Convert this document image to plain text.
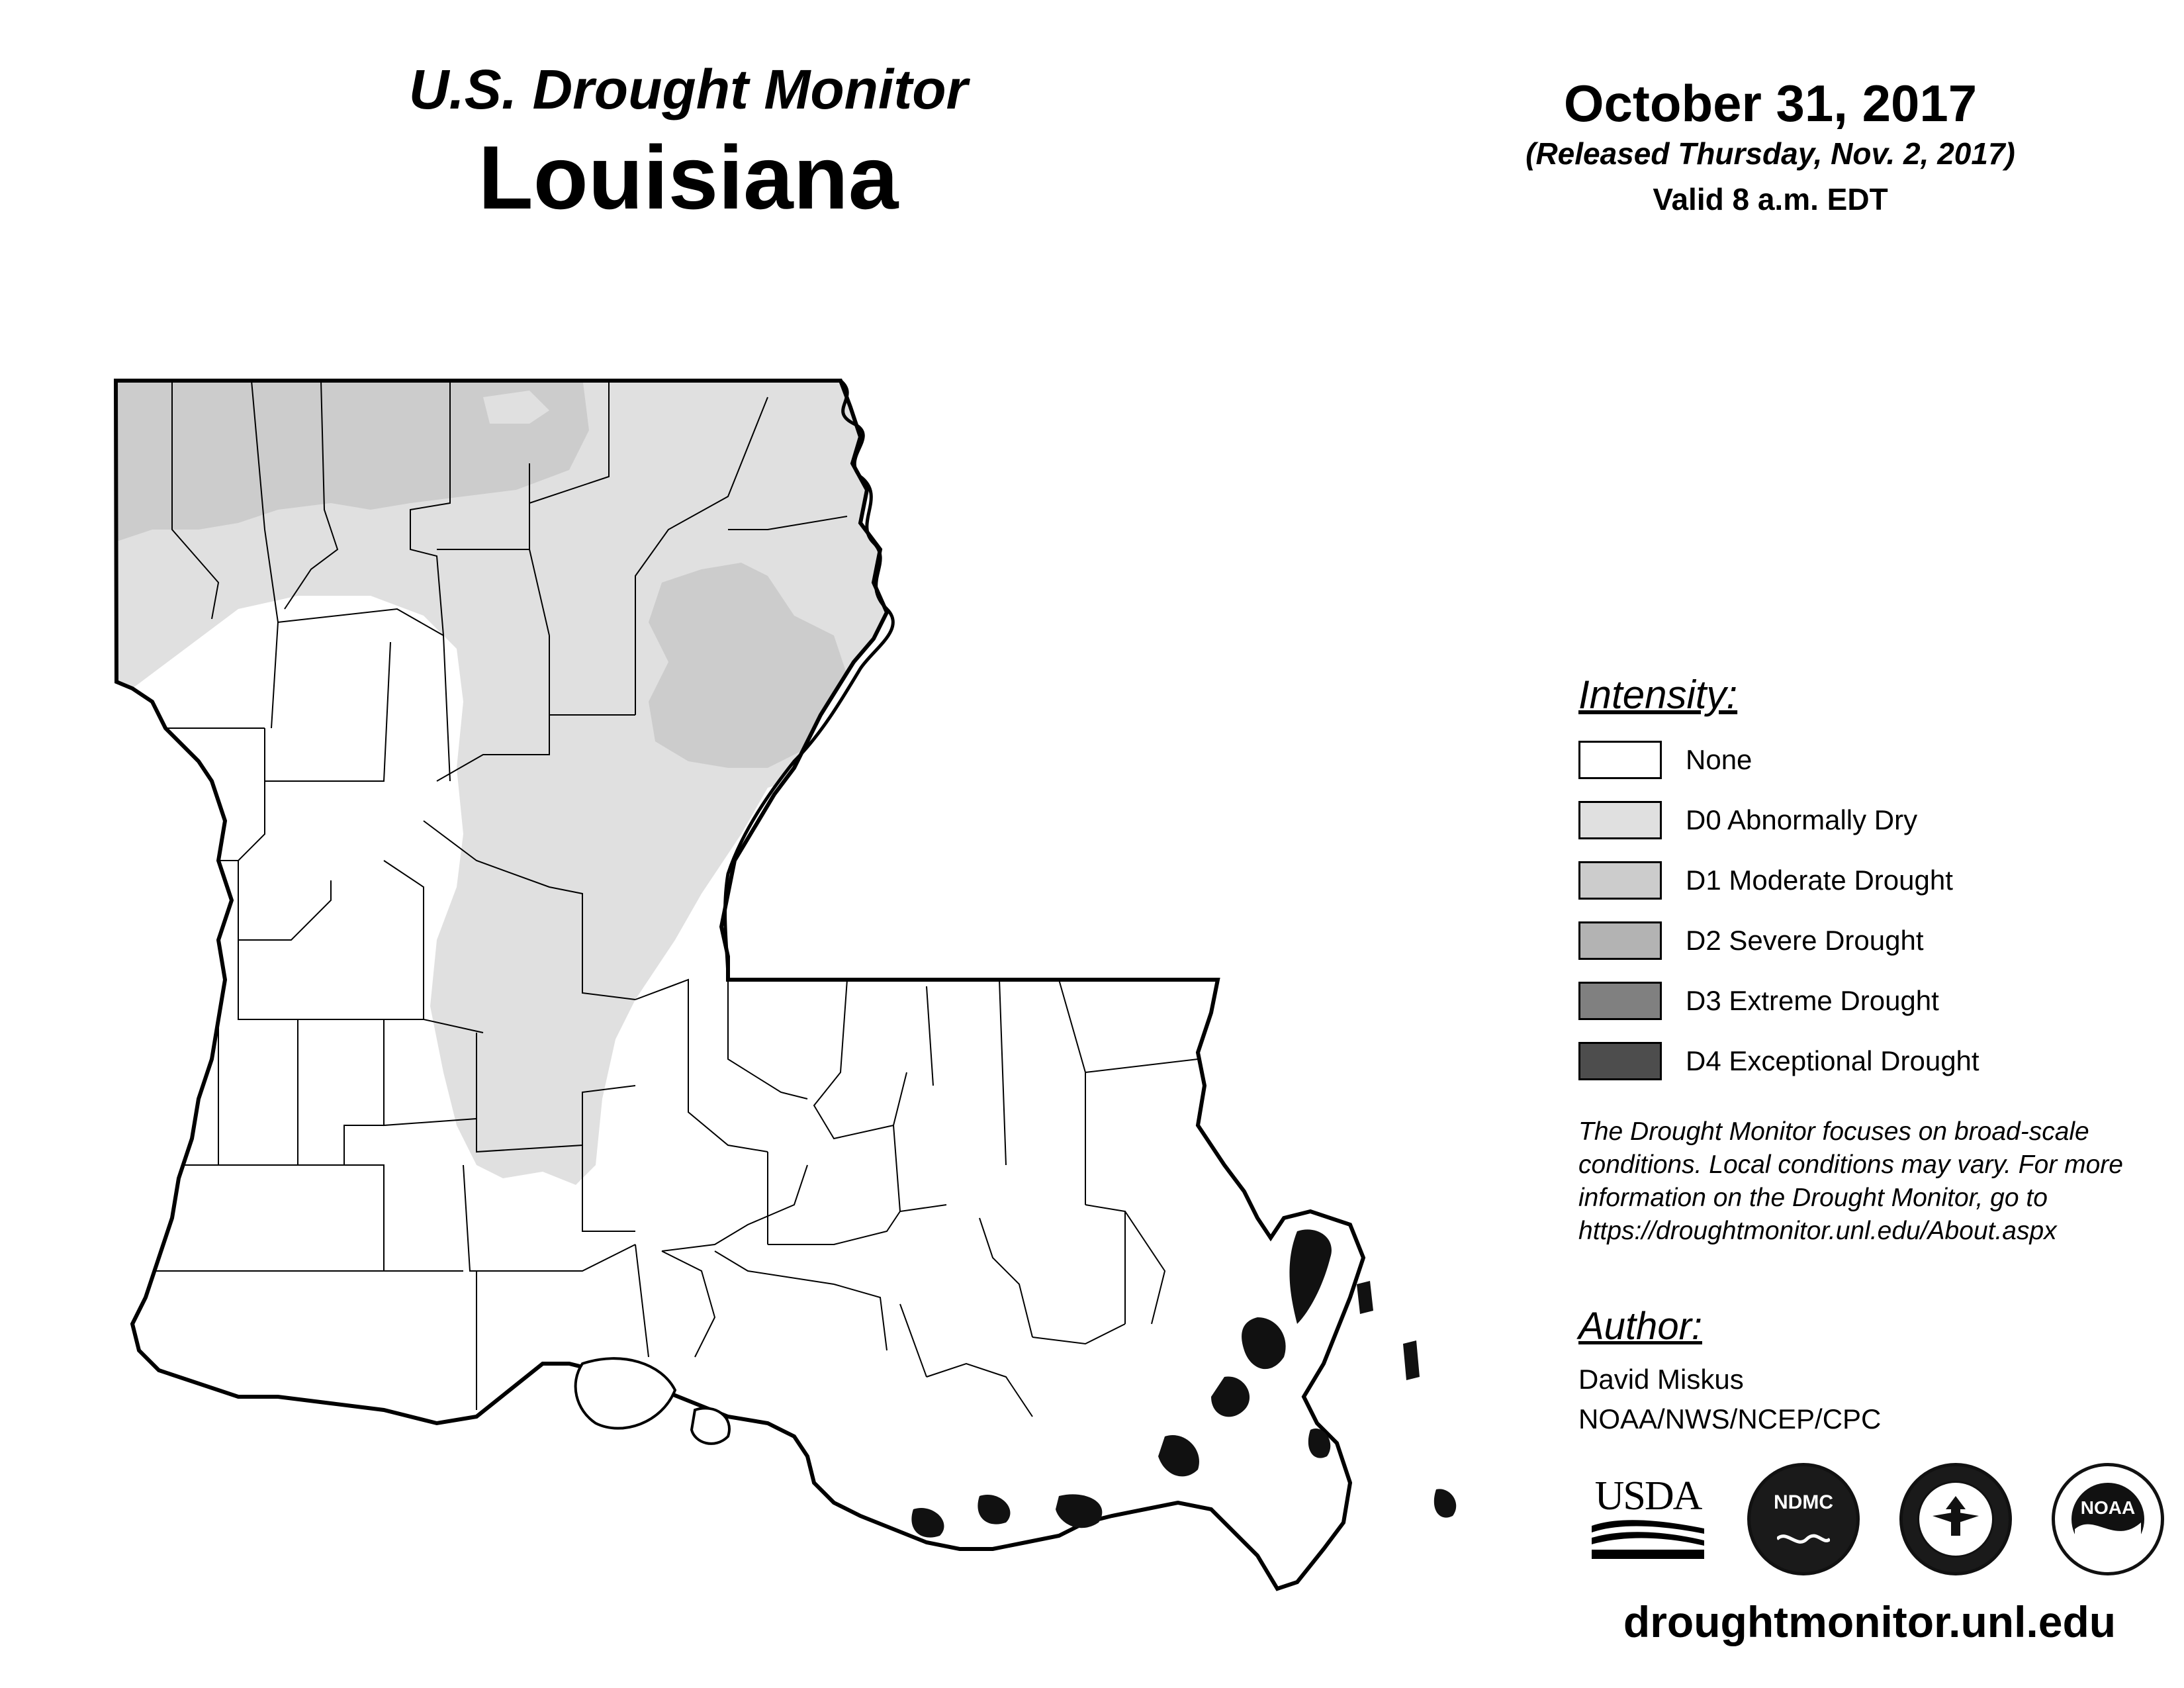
U.S. Drought Monitor
Louisiana
October 31, 2017
(Released Thursday, Nov. 2, 2017)
Valid 8 a.m. EDT
Intensity:
None
D0 Abnormally Dry
D1 Moderate Drought
D2 Severe Drought
D3 Extreme Drought
D4 Exceptional Drought
The Drought Monitor focuses on broad-scale conditions. Local conditions may vary. For more information on the Drought Monitor, go to https://droughtmonitor.unl.edu/About.aspx
Author:
David Miskus
NOAA/NWS/NCEP/CPC
USDA	NDMC	NOAA
droughtmonitor.unl.edu
